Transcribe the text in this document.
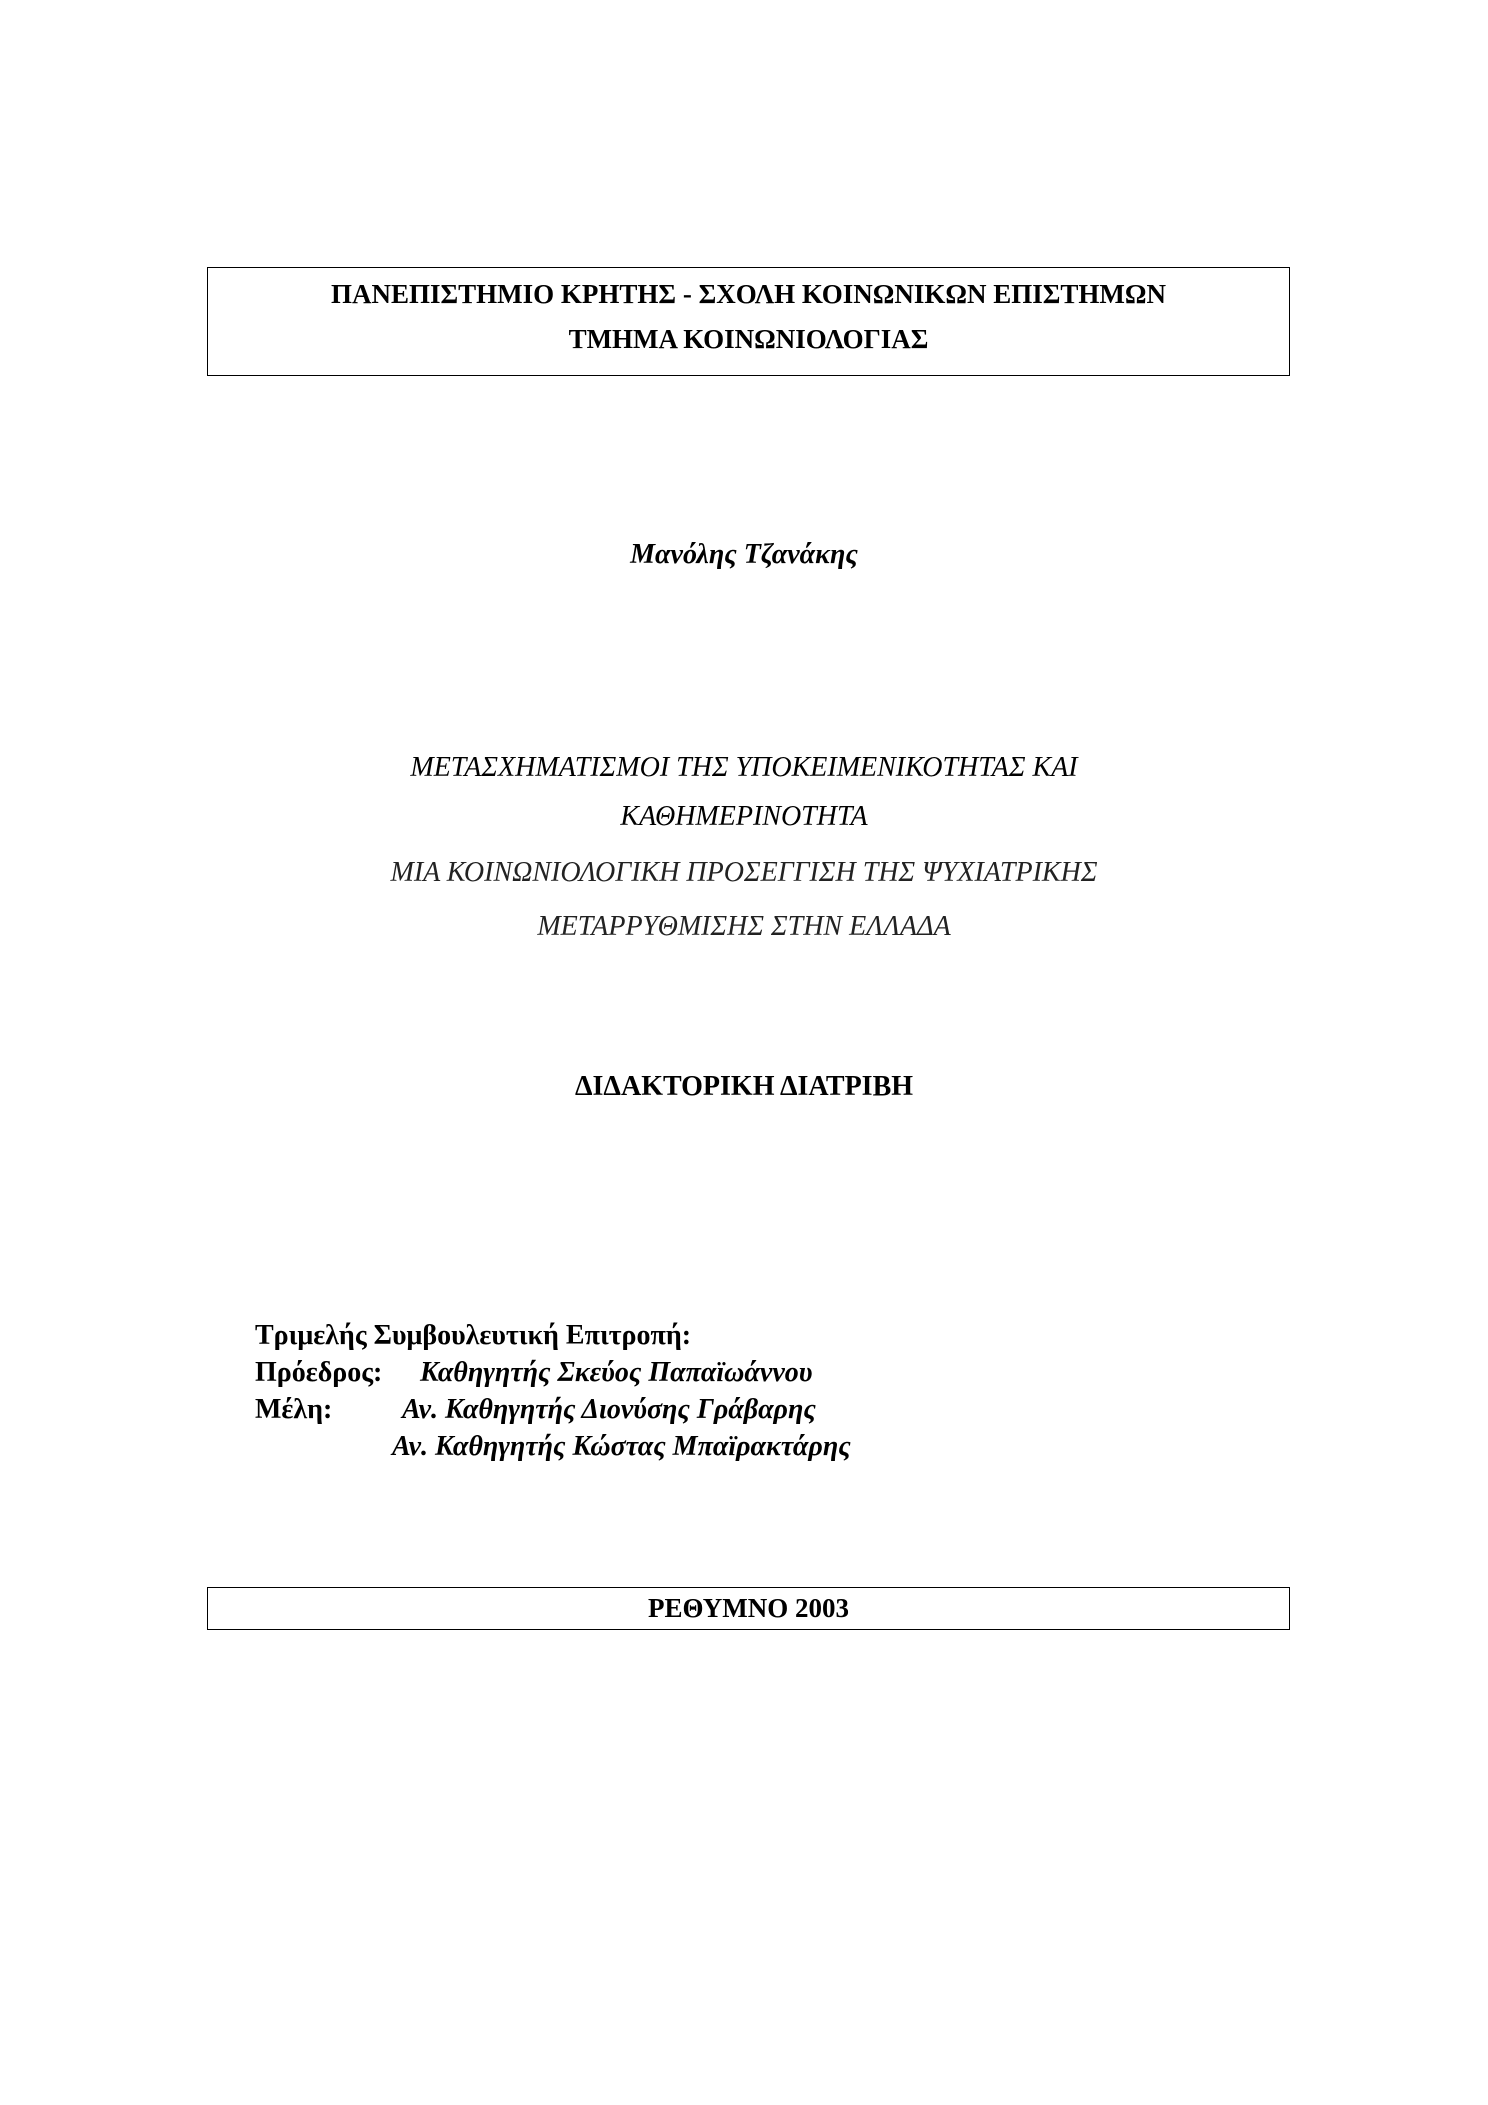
ΠΑΝΕΠΙΣΤΗΜΙΟ ΚΡΗΤΗΣ - ΣΧΟΛΗ ΚΟΙΝΩΝΙΚΩΝ ΕΠΙΣΤΗΜΩΝ
ΤΜΗΜΑ ΚΟΙΝΩΝΙΟΛΟΓΙΑΣ
Μανόλης Τζανάκης
ΜΕΤΑΣΧΗΜΑΤΙΣΜΟΙ ΤΗΣ ΥΠΟΚΕΙΜΕΝΙΚΟΤΗΤΑΣ ΚΑΙ
ΚΑΘΗΜΕΡΙΝΟΤΗΤΑ
ΜΙΑ ΚΟΙΝΩΝΙΟΛΟΓΙΚΗ ΠΡΟΣΕΓΓΙΣΗ ΤΗΣ ΨΥΧΙΑΤΡΙΚΗΣ
ΜΕΤΑΡΡΥΘΜΙΣΗΣ ΣΤΗΝ ΕΛΛΑΔΑ
ΔΙΔΑΚΤΟΡΙΚΗ ΔΙΑΤΡΙΒΗ
Τριμελής Συμβουλευτική Επιτροπή:
Πρόεδρος: Καθηγητής Σκεύος Παπαϊωάννου
Μέλη: Αν. Καθηγητής Διονύσης Γράβαρης
Αν. Καθηγητής Κώστας Μπαϊρακτάρης
ΡΕΘΥΜΝΟ 2003
